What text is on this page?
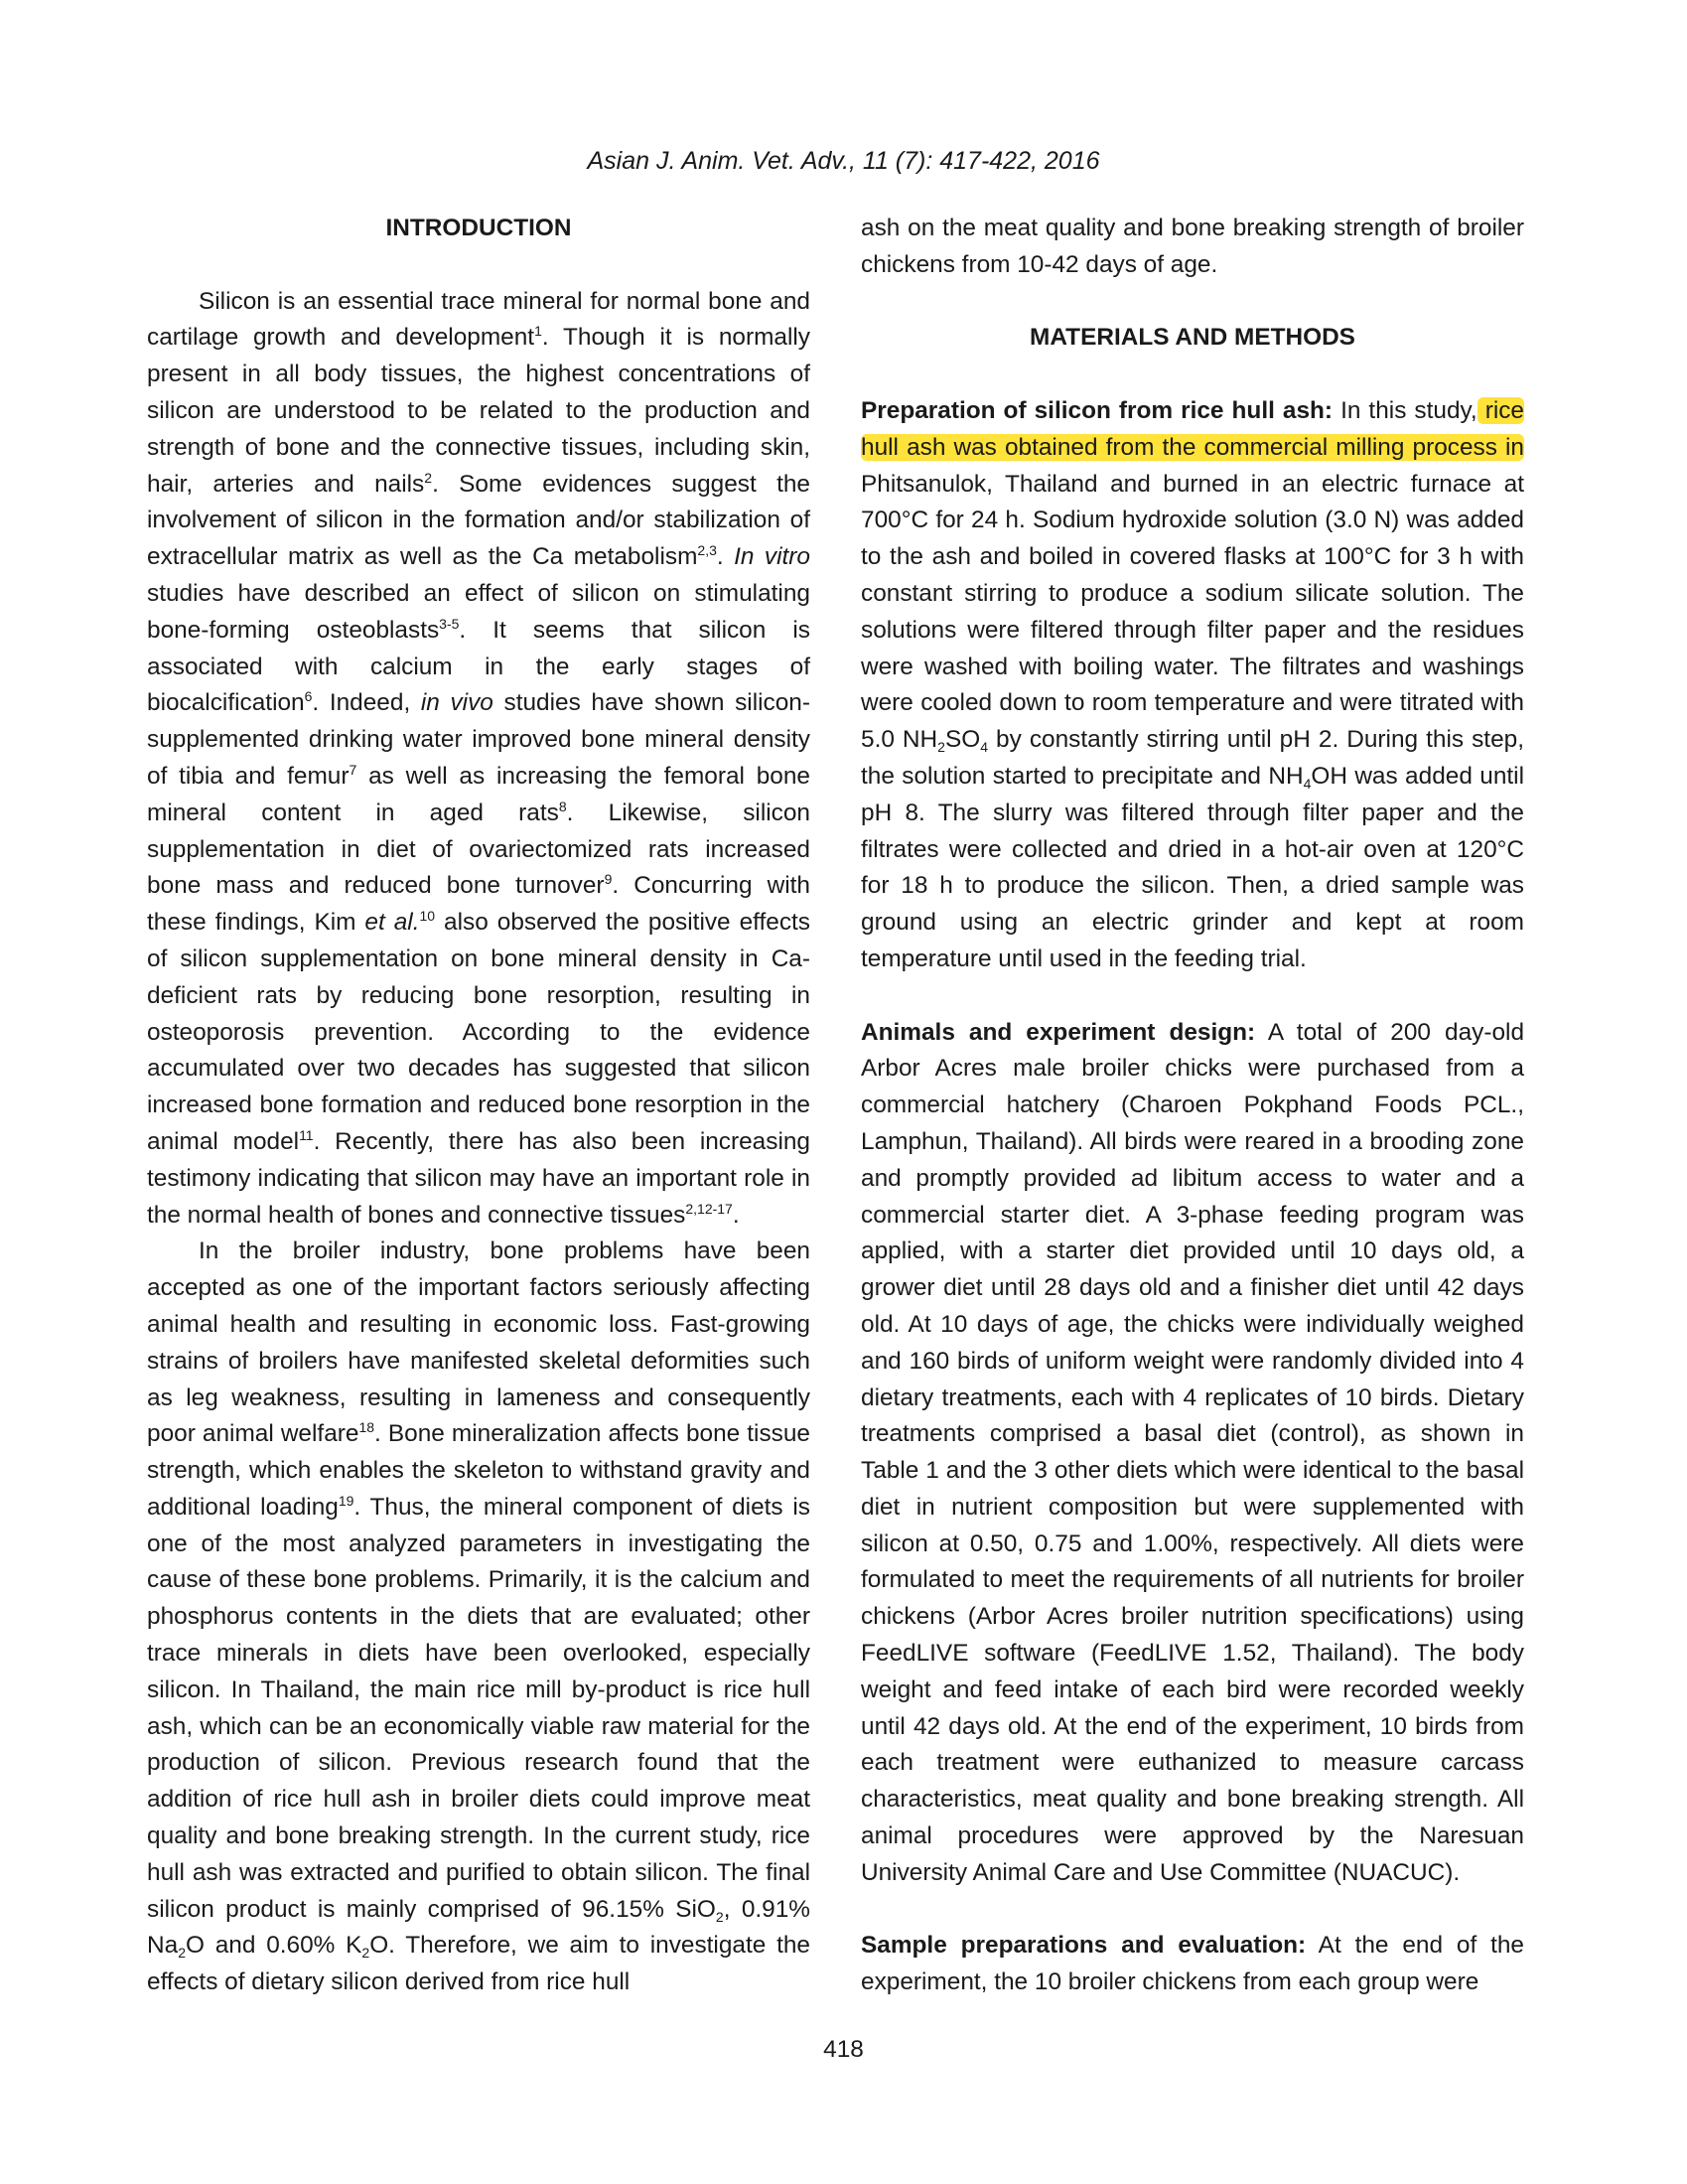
Asian J. Anim. Vet. Adv., 11 (7): 417-422, 2016
INTRODUCTION

Silicon is an essential trace mineral for normal bone and cartilage growth and development$^1$. Though it is normally present in all body tissues, the highest concentrations of silicon are understood to be related to the production and strength of bone and the connective tissues, including skin, hair, arteries and nails$^2$. Some evidences suggest the involvement of silicon in the formation and/or stabilization of extracellular matrix as well as the Ca metabolism$^{2,3}$. In vitro studies have described an effect of silicon on stimulating bone-forming osteoblasts$^{3-5}$. It seems that silicon is associated with calcium in the early stages of biocalcification$^6$. Indeed, in vivo studies have shown silicon-supplemented drinking water improved bone mineral density of tibia and femur$^7$ as well as increasing the femoral bone mineral content in aged rats$^8$. Likewise, silicon supplementation in diet of ovariectomized rats increased bone mass and reduced bone turnover$^9$. Concurring with these findings, Kim et al.$^{10}$ also observed the positive effects of silicon supplementation on bone mineral density in Ca-deficient rats by reducing bone resorption, resulting in osteoporosis prevention. According to the evidence accumulated over two decades has suggested that silicon increased bone formation and reduced bone resorption in the animal model$^{11}$. Recently, there has also been increasing testimony indicating that silicon may have an important role in the normal health of bones and connective tissues$^{2,12-17}$.

In the broiler industry, bone problems have been accepted as one of the important factors seriously affecting animal health and resulting in economic loss. Fast-growing strains of broilers have manifested skeletal deformities such as leg weakness, resulting in lameness and consequently poor animal welfare$^{18}$. Bone mineralization affects bone tissue strength, which enables the skeleton to withstand gravity and additional loading$^{19}$. Thus, the mineral component of diets is one of the most analyzed parameters in investigating the cause of these bone problems. Primarily, it is the calcium and phosphorus contents in the diets that are evaluated; other trace minerals in diets have been overlooked, especially silicon. In Thailand, the main rice mill by-product is rice hull ash, which can be an economically viable raw material for the production of silicon. Previous research found that the addition of rice hull ash in broiler diets could improve meat quality and bone breaking strength. In the current study, rice hull ash was extracted and purified to obtain silicon. The final silicon product is mainly comprised of 96.15% SiO$_2$, 0.91% $Na_2O$ and 0.60% $K_2O$. Therefore, we aim to investigate the effects of dietary silicon derived from rice hull

ash on the meat quality and bone breaking strength of broiler chickens from 10-42 days of age.

MATERIALS AND METHODS

Preparation of silicon from rice hull ash: In this study, rice hull ash was obtained from the commercial milling process in Phitsanulok, Thailand and burned in an electric furnace at 700°C for 24 h. Sodium hydroxide solution (3.0 N) was added to the ash and boiled in covered flasks at 100°C for 3 h with constant stirring to produce a sodium silicate solution. The solutions were filtered through filter paper and the residues were washed with boiling water. The filtrates and washings were cooled down to room temperature and were titrated with 5.0 $NH_2SO_4$ by constantly stirring until pH 2. During this step, the solution started to precipitate and $NH_4OH$ was added until pH 8. The slurry was filtered through filter paper and the filtrates were collected and dried in a hot-air oven at 120°C for 18 h to produce the silicon. Then, a dried sample was ground using an electric grinder and kept at room temperature until used in the feeding trial.

Animals and experiment design: A total of 200 day-old Arbor Acres male broiler chicks were purchased from a commercial hatchery (Charoen Pokphand Foods PCL., Lamphun, Thailand). All birds were reared in a brooding zone and promptly provided ad libitum access to water and a commercial starter diet. A 3-phase feeding program was applied, with a starter diet provided until 10 days old, a grower diet until 28 days old and a finisher diet until 42 days old. At 10 days of age, the chicks were individually weighed and 160 birds of uniform weight were randomly divided into 4 dietary treatments, each with 4 replicates of 10 birds. Dietary treatments comprised a basal diet (control), as shown in Table 1 and the 3 other diets which were identical to the basal diet in nutrient composition but were supplemented with silicon at 0.50, 0.75 and 1.00%, respectively. All diets were formulated to meet the requirements of all nutrients for broiler chickens (Arbor Acres broiler nutrition specifications) using FeedLIVE software (FeedLIVE 1.52, Thailand). The body weight and feed intake of each bird were recorded weekly until 42 days old. At the end of the experiment, 10 birds from each treatment were euthanized to measure carcass characteristics, meat quality and bone breaking strength. All animal procedures were approved by the Naresuan University Animal Care and Use Committee (NUACUC).

Sample preparations and evaluation: At the end of the experiment, the 10 broiler chickens from each group were

418
